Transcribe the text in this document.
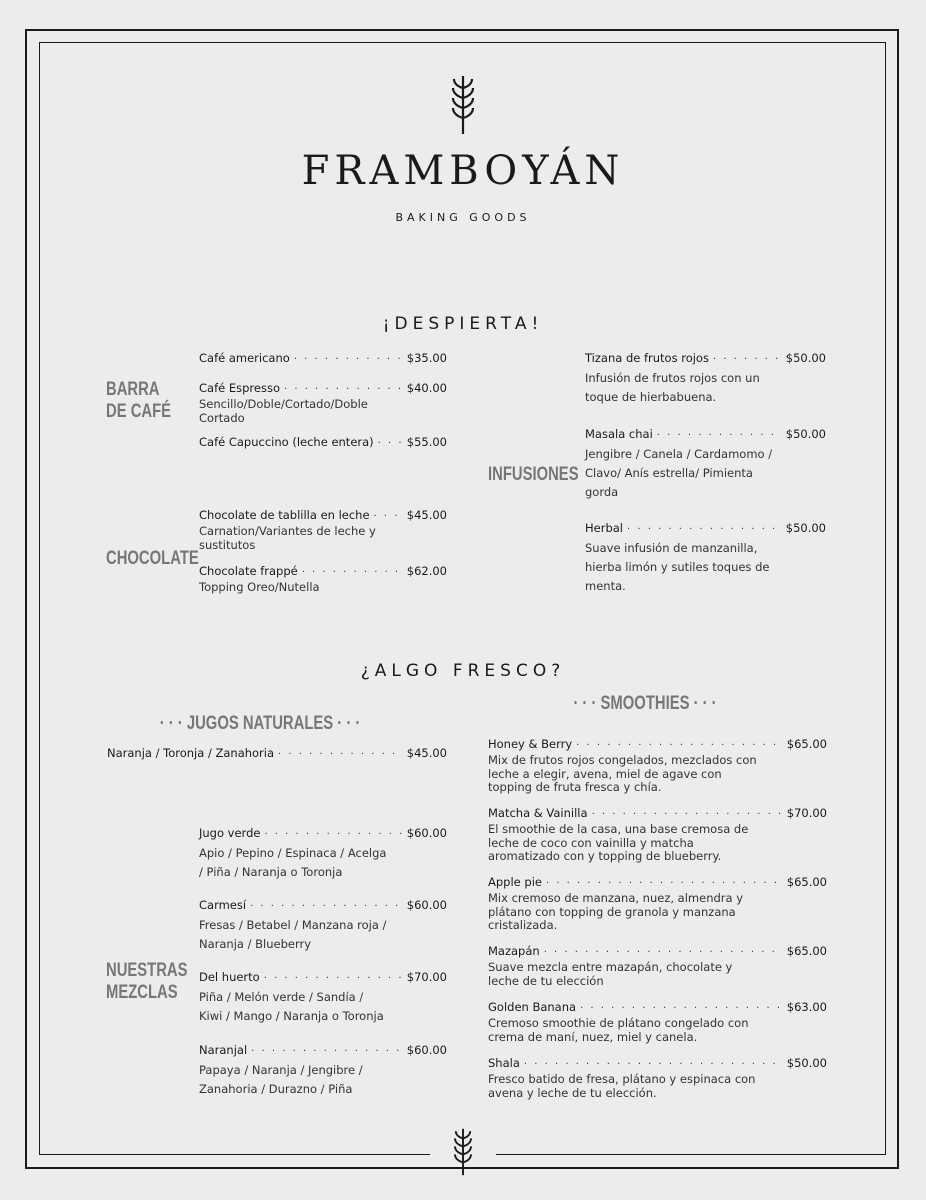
FRAMBOYÁN
BAKING GOODS
¡DESPIERTA!
BARRA
DE CAFÉ
Café americano · · ·	$35.00
Café Espresso · · ·	$40.00
Sencillo/Doble/Cortado/Doble Cortado
Café Capuccino (leche entera) · · ·	$55.00
CHOCOLATE
Chocolate de tablilla en leche · · ·	$45.00
Carnation/Variantes de leche y sustitutos
Chocolate frappé · · ·	$62.00
Topping Oreo/Nutella
INFUSIONES
Tizana de frutos rojos · · ·	$50.00
Infusión de frutos rojos con un toque de hierbabuena.
Masala chai · · ·	$50.00
Jengibre / Canela / Cardamomo / Clavo/ Anís estrella/ Pimienta gorda
Herbal · · ·	$50.00
Suave infusión de manzanilla, hierba limón y sutiles toques de menta.
¿ALGO FRESCO?
· · · JUGOS NATURALES · · ·
Naranja / Toronja / Zanahoria · · ·	$45.00
NUESTRAS
MEZCLAS
Jugo verde · · ·	$60.00
Apio / Pepino / Espinaca / Acelga / Piña / Naranja o Toronja
Carmesí · · ·	$60.00
Fresas / Betabel / Manzana roja / Naranja / Blueberry
Del huerto · · ·	$70.00
Piña / Melón verde / Sandía / Kiwi / Mango / Naranja o Toronja
Naranjal · · ·	$60.00
Papaya / Naranja / Jengibre / Zanahoria / Durazno / Piña
· · · SMOOTHIES · · ·
Honey & Berry · · ·	$65.00
Mix de frutos rojos congelados, mezclados con leche a elegir, avena, miel de agave con topping de fruta fresca y chía.
Matcha & Vainilla · · ·	$70.00
El smoothie de la casa, una base cremosa de leche de coco con vainilla y matcha aromatizado con y topping de blueberry.
Apple pie · · ·	$65.00
Mix cremoso de manzana, nuez, almendra y plátano con topping de granola y manzana cristalizada.
Mazapán · · ·	$65.00
Suave mezcla entre mazapán, chocolate y leche de tu elección
Golden Banana · · ·	$63.00
Cremoso smoothie de plátano congelado con crema de maní, nuez, miel y canela.
Shala · · ·	$50.00
Fresco batido de fresa, plátano y espinaca con avena y leche de tu elección.
